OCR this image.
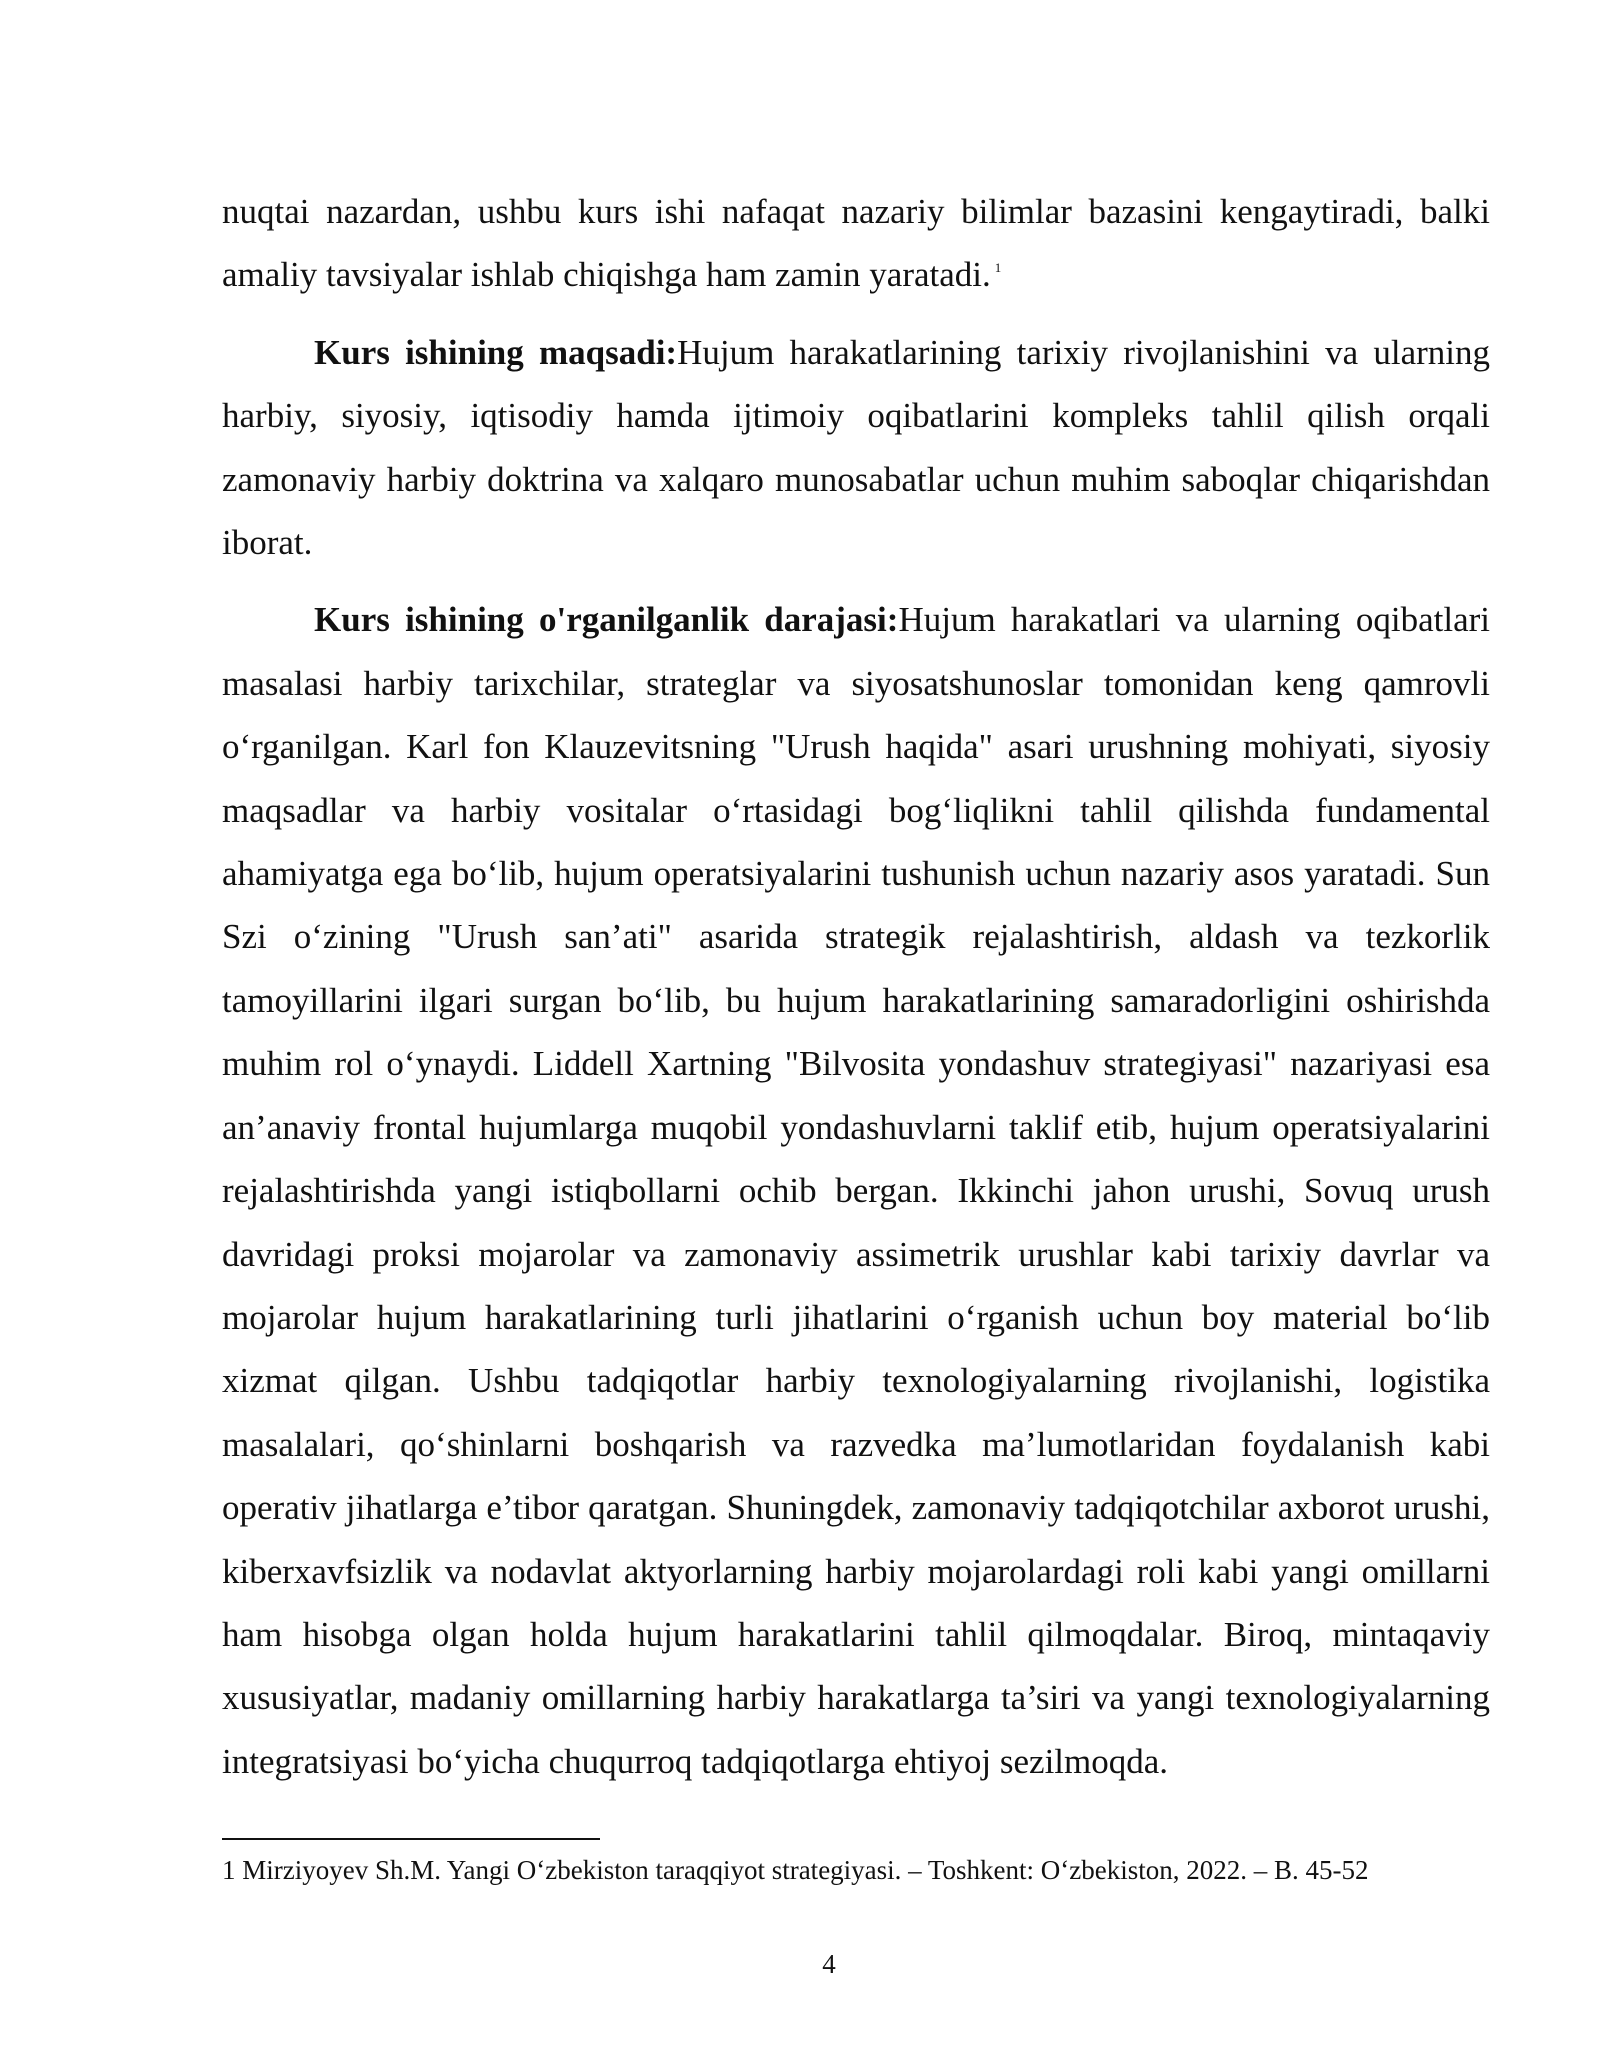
nuqtai nazardan, ushbu kurs ishi nafaqat nazariy bilimlar bazasini kengaytiradi, balki amaliy tavsiyalar ishlab chiqishga ham zamin yaratadi. $^1$

Kurs ishining maqsadi:Hujum harakatlarining tarixiy rivojlanishini va ularning harbiy, siyosiy, iqtisodiy hamda ijtimoiy oqibatlarini kompleks tahlil qilish orqali zamonaviy harbiy doktrina va xalqaro munosabatlar uchun muhim saboqlar chiqarishdan iborat.

Kurs ishining o'rganilganlik darajasi:Hujum harakatlari va ularning oqibatlari masalasi harbiy tarixchilar, strateglar va siyosatshunoslar tomonidan keng qamrovli o‘rganilgan. Karl fon Klauzevitsning "Urush haqida" asari urushning mohiyati, siyosiy maqsadlar va harbiy vositalar o‘rtasidagi bog‘liqlikni tahlil qilishda fundamental ahamiyatga ega bo‘lib, hujum operatsiyalarini tushunish uchun nazariy asos yaratadi. Sun Szi o‘zining "Urush san’ati" asarida strategik rejalashtirish, aldash va tezkorlik tamoyillarini ilgari surgan bo‘lib, bu hujum harakatlarining samaradorligini oshirishda muhim rol o‘ynaydi. Liddell Xartning "Bilvosita yondashuv strategiyasi" nazariyasi esa an’anaviy frontal hujumlarga muqobil yondashuvlarni taklif etib, hujum operatsiyalarini rejalashtirishda yangi istiqbollarni ochib bergan. Ikkinchi jahon urushi, Sovuq urush davridagi proksi mojarolar va zamonaviy assimetrik urushlar kabi tarixiy davrlar va mojarolar hujum harakatlarining turli jihatlarini o‘rganish uchun boy material bo‘lib xizmat qilgan. Ushbu tadqiqotlar harbiy texnologiyalarning rivojlanishi, logistika masalalari, qo‘shinlarni boshqarish va razvedka ma’lumotlaridan foydalanish kabi operativ jihatlarga e’tibor qaratgan. Shuningdek, zamonaviy tadqiqotchilar axborot urushi, kiberxavfsizlik va nodavlat aktyorlarning harbiy mojarolardagi roli kabi yangi omillarni ham hisobga olgan holda hujum harakatlarini tahlil qilmoqdalar. Biroq, mintaqaviy xususiyatlar, madaniy omillarning harbiy harakatlarga ta’siri va yangi texnologiyalarning integratsiyasi bo‘yicha chuqurroq tadqiqotlarga ehtiyoj sezilmoqda.

1 Mirziyoyev Sh.M. Yangi O‘zbekiston taraqqiyot strategiyasi. – Toshkent: O‘zbekiston, 2022. – B. 45-52
4
